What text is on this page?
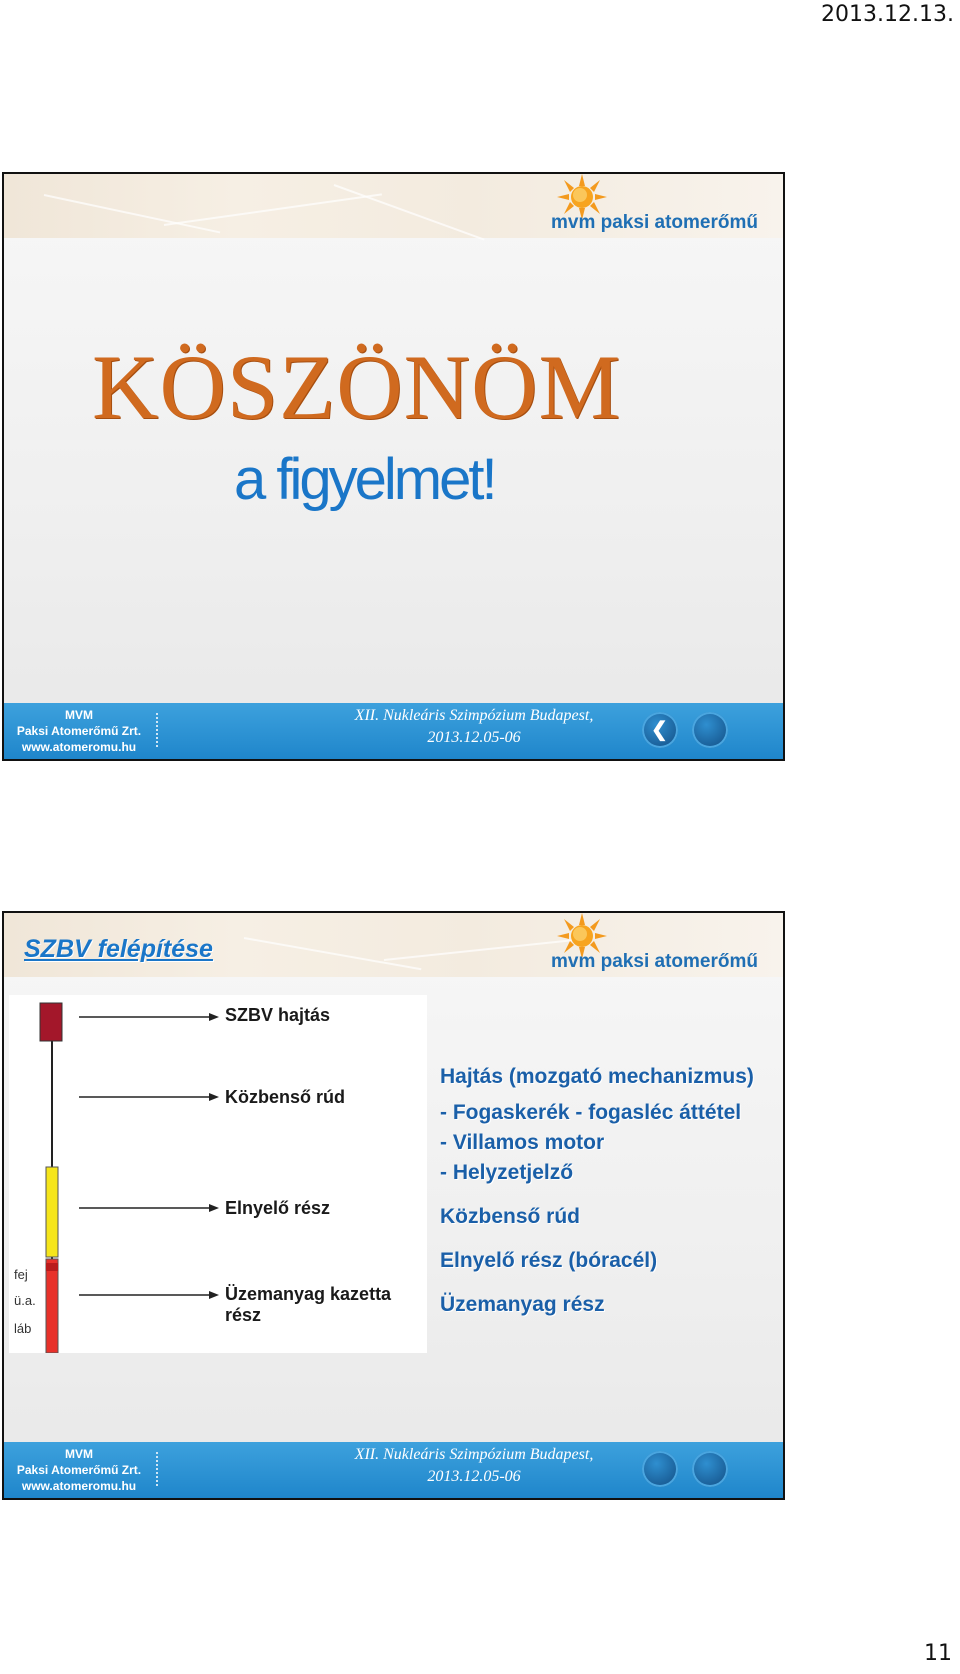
2013.12.13.
mvm paksi atomerőmű
KÖSZÖNÖM
a figyelmet!
MVM
Paksi Atomerőmű Zrt.
www.atomeromu.hu
XII. Nukleáris Szimpózium Budapest,
2013.12.05-06	❮
SZBV felépítése	mvm paksi atomerőmű
SZBV hajtás
Közbenső rúd
Elnyelő rész
Üzemanyag kazetta rész
fej
ü.a.
láb
Hajtás (mozgató mechanizmus)
- Fogaskerék - fogasléc áttétel
- Villamos motor
- Helyzetjelző
Közbenső rúd
Elnyelő rész (bóracél)
Üzemanyag rész
MVM
Paksi Atomerőmű Zrt.
www.atomeromu.hu
XII. Nukleáris Szimpózium Budapest,
2013.12.05-06
11
